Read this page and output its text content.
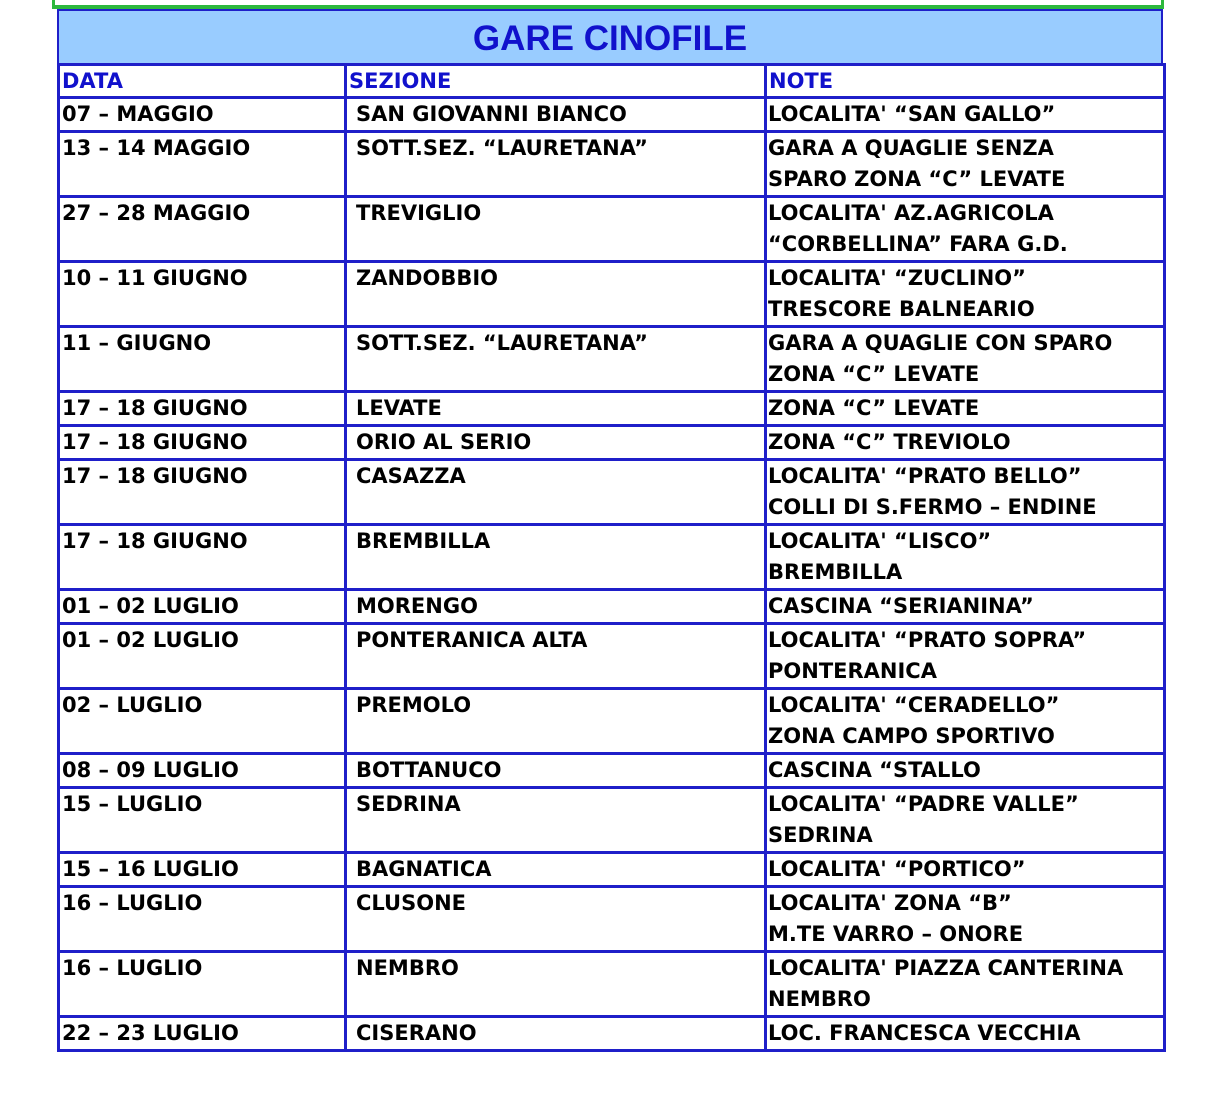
GARE CINOFILE
DATA	SEZIONE	NOTE
07 – MAGGIO	SAN GIOVANNI BIANCO	LOCALITA' “SAN GALLO”

13 – 14 MAGGIO	SOTT.SEZ. “LAURETANA”	GARA A QUAGLIE SENZA
SPARO ZONA “C” LEVATE

27 – 28 MAGGIO	TREVIGLIO	LOCALITA' AZ.AGRICOLA
“CORBELLINA” FARA G.D.

10 – 11 GIUGNO	ZANDOBBIO	LOCALITA' “ZUCLINO”
TRESCORE BALNEARIO

11 – GIUGNO	SOTT.SEZ. “LAURETANA”	GARA A QUAGLIE CON SPARO
ZONA “C” LEVATE

17 – 18 GIUGNO	LEVATE	ZONA “C” LEVATE

17 – 18 GIUGNO	ORIO AL SERIO	ZONA “C” TREVIOLO

17 – 18 GIUGNO	CASAZZA	LOCALITA' “PRATO BELLO”
COLLI DI S.FERMO – ENDINE

17 – 18 GIUGNO	BREMBILLA	LOCALITA' “LISCO”
BREMBILLA

01 – 02 LUGLIO	MORENGO	CASCINA “SERIANINA”

01 – 02 LUGLIO	PONTERANICA ALTA	LOCALITA' “PRATO SOPRA”
PONTERANICA

02 – LUGLIO	PREMOLO	LOCALITA' “CERADELLO”
ZONA CAMPO SPORTIVO

08 – 09 LUGLIO	BOTTANUCO	CASCINA “STALLO

15 – LUGLIO	SEDRINA	LOCALITA' “PADRE VALLE”
SEDRINA

15 – 16 LUGLIO	BAGNATICA	LOCALITA' “PORTICO”

16 – LUGLIO	CLUSONE	LOCALITA' ZONA “B”
M.TE VARRO – ONORE

16 – LUGLIO	NEMBRO	LOCALITA' PIAZZA CANTERINA
NEMBRO

22 – 23 LUGLIO	CISERANO	LOC. FRANCESCA VECCHIA
